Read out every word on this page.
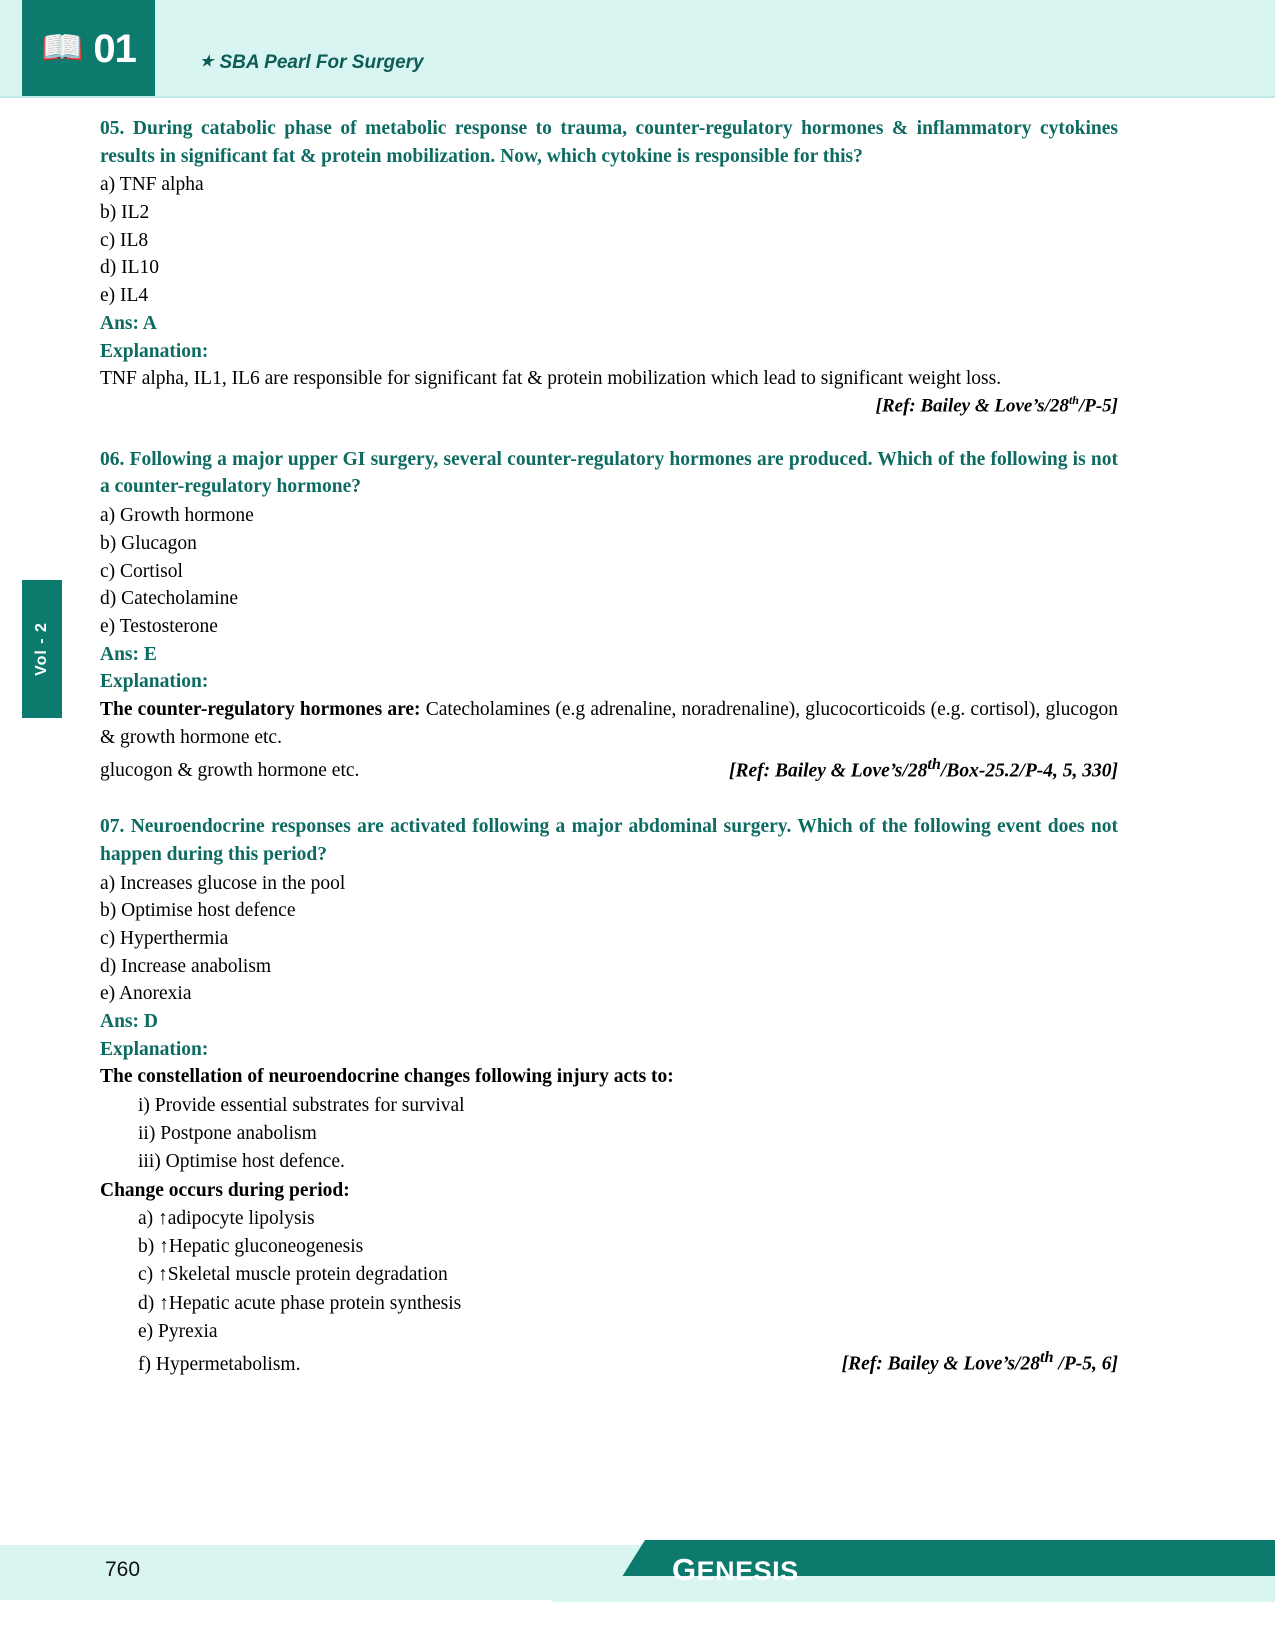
📖 01	★ SBA Pearl For Surgery
Vol - 2
05. During catabolic phase of metabolic response to trauma, counter-regulatory hormones & inflammatory cytokines results in significant fat & protein mobilization. Now, which cytokine is responsible for this?
a) TNF alpha
b) IL2
c) IL8
d) IL10
e) IL4
Ans: A
Explanation:
TNF alpha, IL1, IL6 are responsible for significant fat & protein mobilization which lead to significant weight loss.
[Ref: Bailey & Love’s/28th/P-5]
06. Following a major upper GI surgery, several counter-regulatory hormones are produced. Which of the following is not a counter-regulatory hormone?
a) Growth hormone
b) Glucagon
c) Cortisol
d) Catecholamine
e) Testosterone
Ans: E
Explanation:
The counter-regulatory hormones are: Catecholamines (e.g adrenaline, noradrenaline), glucocorticoids (e.g. cortisol), glucogon & growth hormone etc.
glucogon & growth hormone etc.	[Ref: Bailey & Love’s/28th/Box-25.2/P-4, 5, 330]
07. Neuroendocrine responses are activated following a major abdominal surgery. Which of the following event does not happen during this period?
a) Increases glucose in the pool
b) Optimise host defence
c) Hyperthermia
d) Increase anabolism
e) Anorexia
Ans: D
Explanation:
The constellation of neuroendocrine changes following injury acts to:
i) Provide essential substrates for survival
ii) Postpone anabolism
iii) Optimise host defence.
Change occurs during period:
a) ↑adipocyte lipolysis
b) ↑Hepatic gluconeogenesis
c) ↑Skeletal muscle protein degradation
d) ↑Hepatic acute phase protein synthesis
e) Pyrexia
f) Hypermetabolism.	[Ref: Bailey & Love’s/28th /P-5, 6]
760	GENESIS
